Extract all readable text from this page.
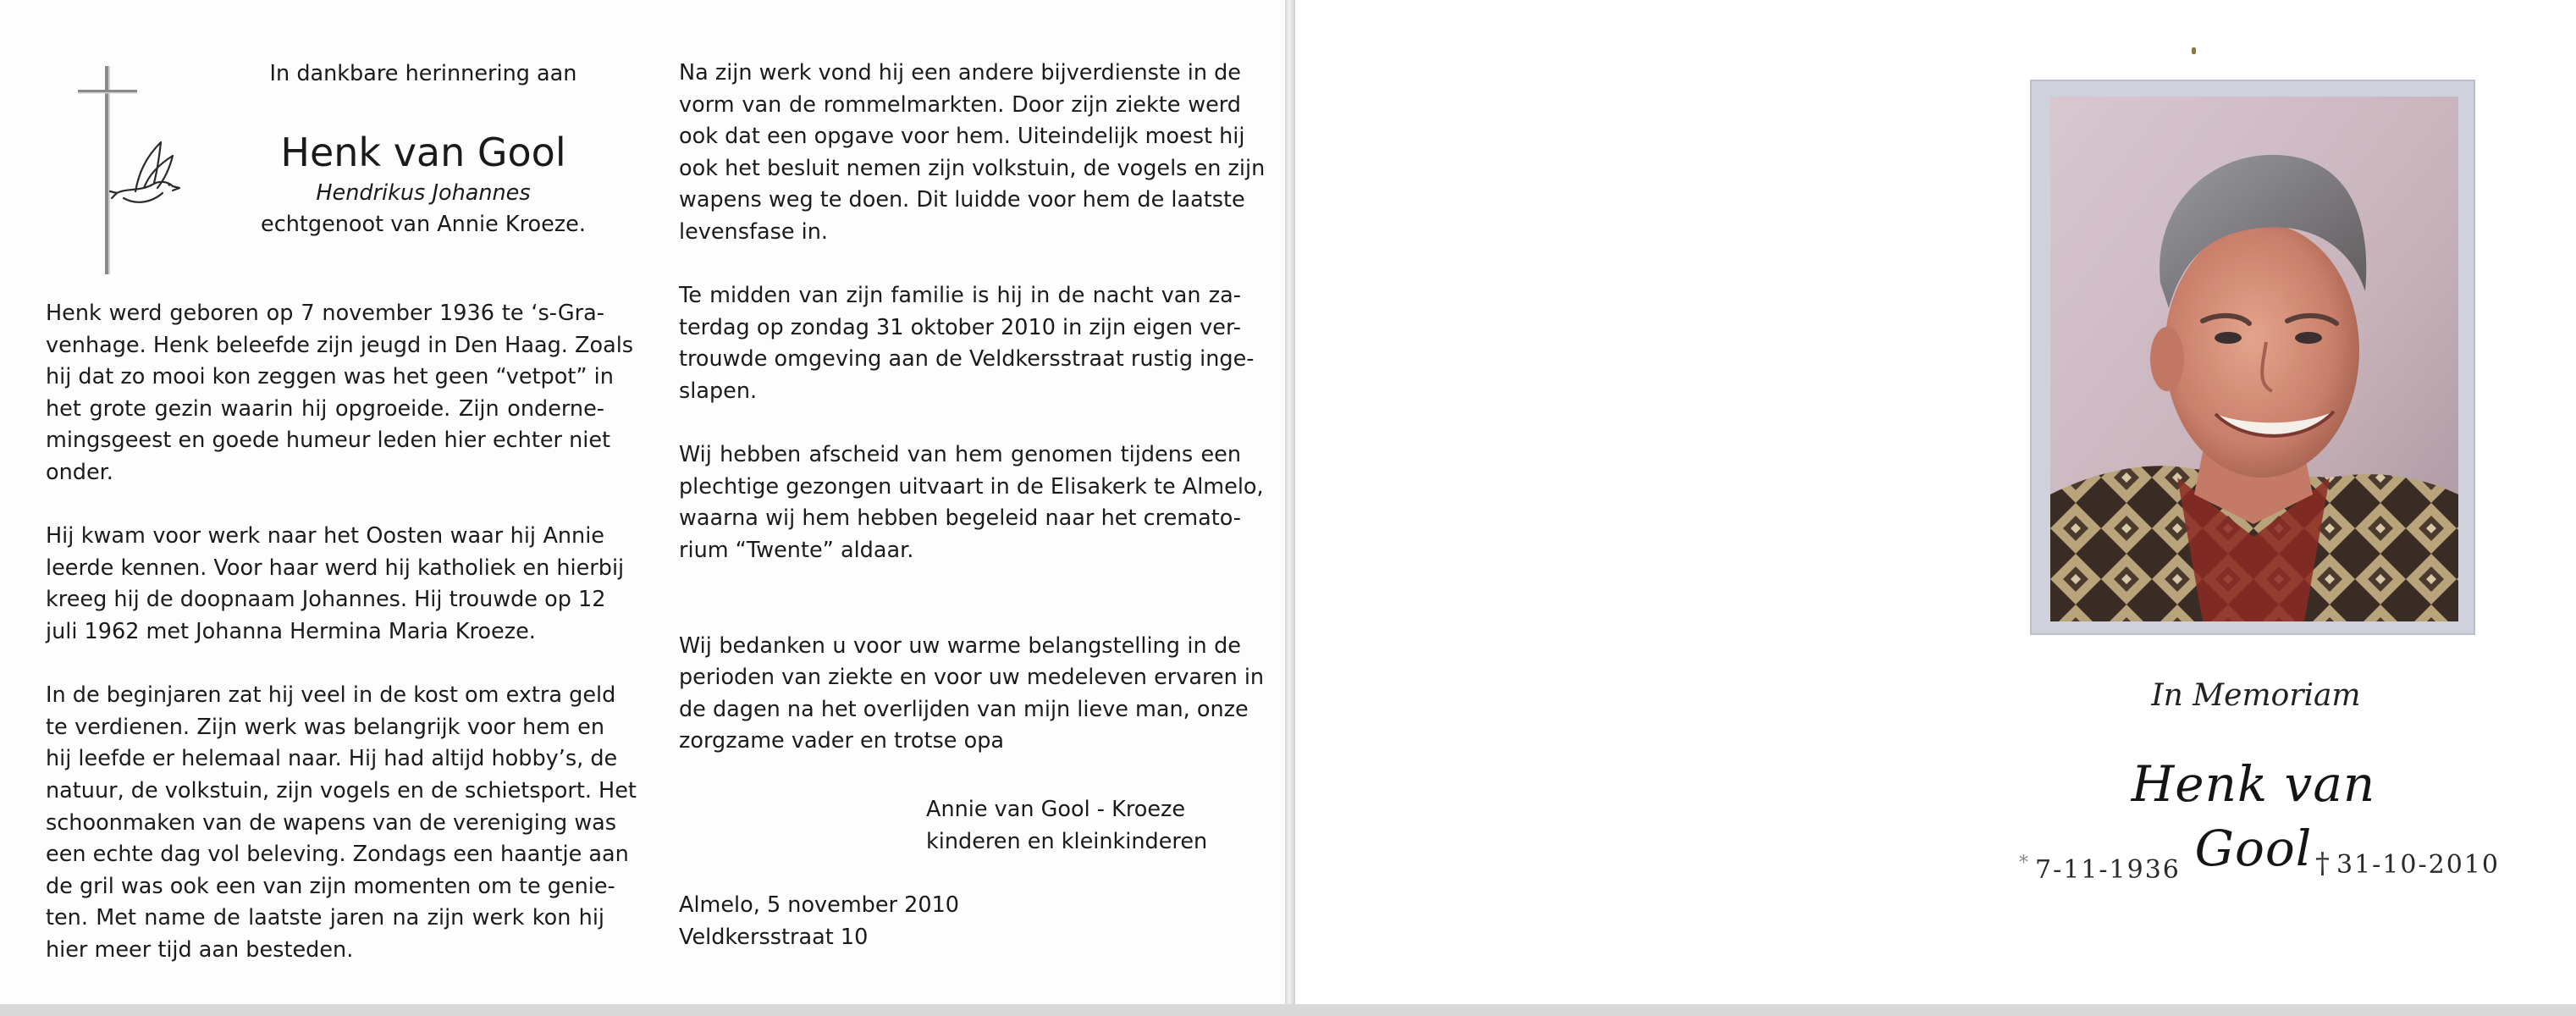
In dankbare herinnering aan
Henk van Gool
Hendrikus Johannes
echtgenoot van Annie Kroeze.
Henk werd geboren op 7 november 1936 te ‘s-Gra-
venhage. Henk beleefde zijn jeugd in Den Haag. Zoals
hij dat zo mooi kon zeggen was het geen “vetpot” in
het grote gezin waarin hij opgroeide. Zijn onderne-
mingsgeest en goede humeur leden hier echter niet
onder.
Hij kwam voor werk naar het Oosten waar hij Annie
leerde kennen. Voor haar werd hij katholiek en hierbij
kreeg hij de doopnaam Johannes. Hij trouwde op 12
juli 1962 met Johanna Hermina Maria Kroeze.
In de beginjaren zat hij veel in de kost om extra geld
te verdienen. Zijn werk was belangrijk voor hem en
hij leefde er helemaal naar. Hij had altijd hobby’s, de
natuur, de volkstuin, zijn vogels en de schietsport. Het
schoonmaken van de wapens van de vereniging was
een echte dag vol beleving. Zondags een haantje aan
de gril was ook een van zijn momenten om te genie-
ten. Met name de laatste jaren na zijn werk kon hij
hier meer tijd aan besteden.
Na zijn werk vond hij een andere bijverdienste in de
vorm van de rommelmarkten. Door zijn ziekte werd
ook dat een opgave voor hem. Uiteindelijk moest hij
ook het besluit nemen zijn volkstuin, de vogels en zijn
wapens weg te doen. Dit luidde voor hem de laatste
levensfase in.
Te midden van zijn familie is hij in de nacht van za-
terdag op zondag 31 oktober 2010 in zijn eigen ver-
trouwde omgeving aan de Veldkersstraat rustig inge-
slapen.
Wij hebben afscheid van hem genomen tijdens een
plechtige gezongen uitvaart in de Elisakerk te Almelo,
waarna wij hem hebben begeleid naar het cremato-
rium “Twente” aldaar.

Wij bedanken u voor uw warme belangstelling in de
perioden van ziekte en voor uw medeleven ervaren in
de dagen na het overlijden van mijn lieve man, onze
zorgzame vader en trotse opa
Annie van Gool - Kroeze
kinderen en kleinkinderen
Almelo, 5 november 2010
Veldkersstraat 10
In Memoriam
Henk van Gool
* 7-11-1936	† 31-10-2010
